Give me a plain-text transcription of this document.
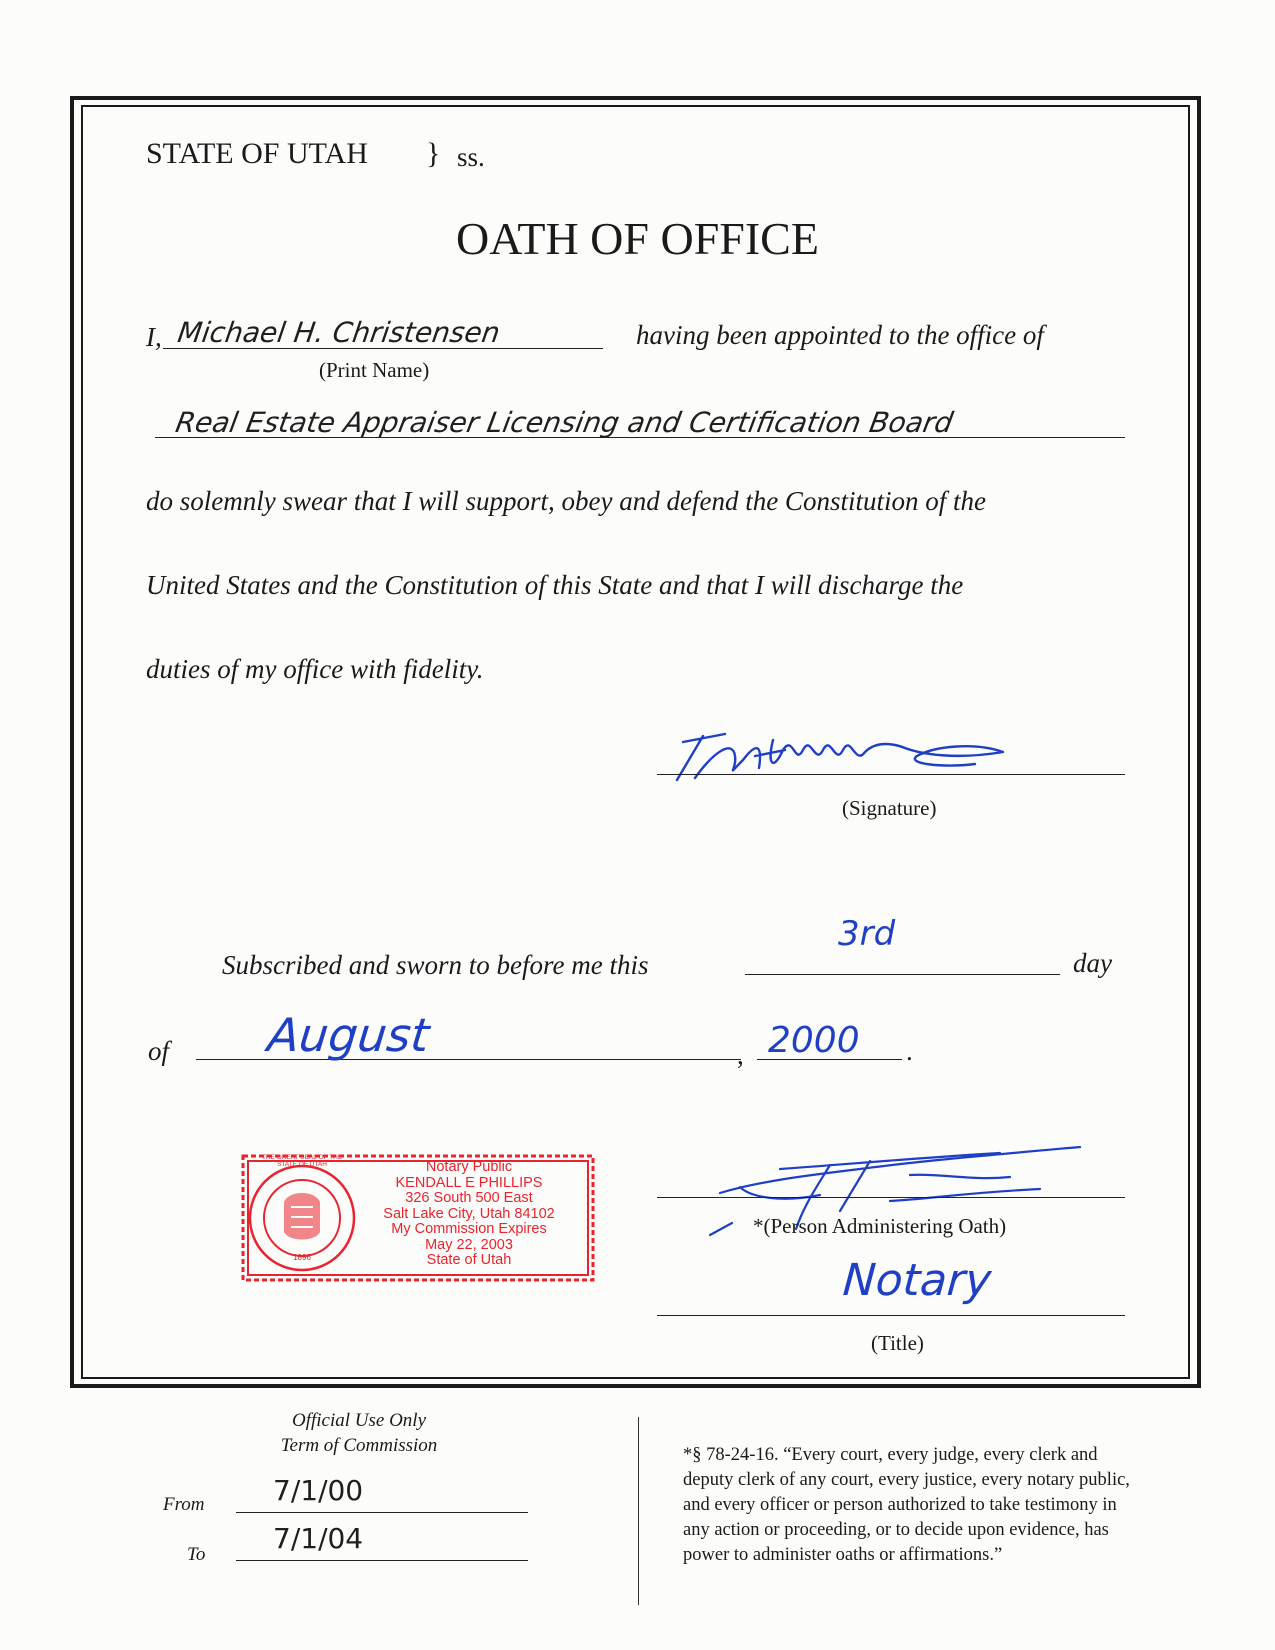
STATE OF UTAH } ss.
OATH OF OFFICE
I, Michael H. Christensen
(Print Name)
having been appointed to the office of
Real Estate Appraiser Licensing and Certification Board
do solemnly swear that I will support, obey and defend the Constitution of the
United States and the Constitution of this State and that I will discharge the
duties of my office with fidelity.
(Signature)
Subscribed and sworn to before me this
3rd
day
of August	, 2000 .
THE GREAT SEAL OF THE STATE OF UTAH
1896
Notary Public
KENDALL E PHILLIPS
326 South 500 East
Salt Lake City, Utah 84102
My Commission Expires
May 22, 2003
State of Utah
*(Person Administering Oath)
Notary
(Title)
Official Use Only
Term of Commission
From 7/1/00
To 7/1/04
*§ 78-24-16. “Every court, every judge, every clerk and
deputy clerk of any court, every justice, every notary public,
and every officer or person authorized to take testimony in
any action or proceeding, or to decide upon evidence, has
power to administer oaths or affirmations.”
